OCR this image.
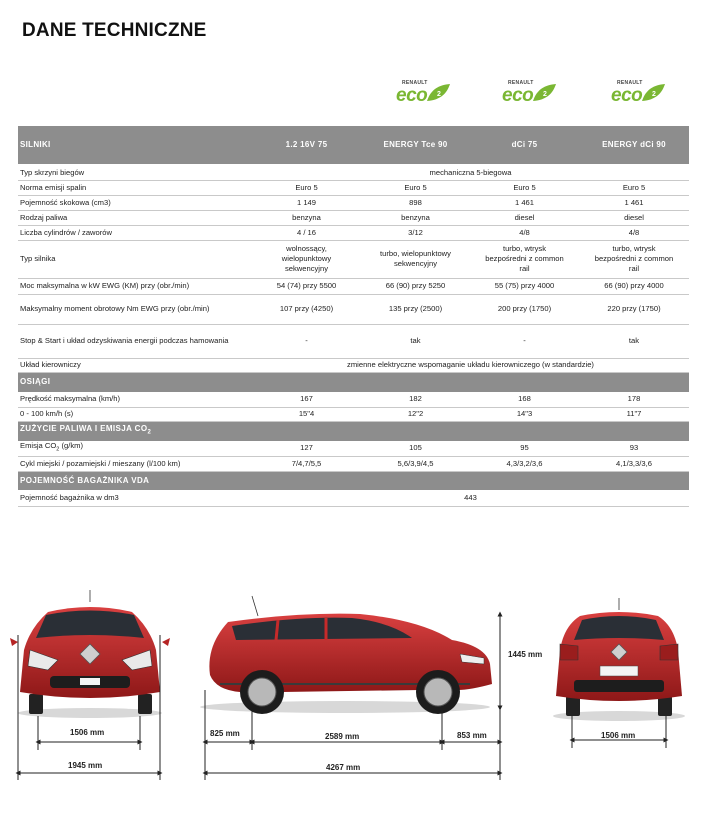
DANE TECHNICZNE
RENAULT
eco 2
RENAULT
eco 2
RENAULT
eco 2
SILNIKI	1.2 16V 75	ENERGY Tce 90	dCi 75	ENERGY dCi 90

Typ skrzyni biegów	mechaniczna 5-biegowa			
Norma emisji spalin	Euro 5	Euro 5	Euro 5	Euro 5
Pojemność skokowa (cm3)	1 149	898	1 461	1 461
Rodzaj paliwa	benzyna	benzyna	diesel	diesel
Liczba cylindrów / zaworów	4 / 16	3/12	4/8	4/8
Typ silnika	wolnossący, wielopunktowy sekwencyjny	turbo, wielopunktowy sekwencyjny	turbo, wtrysk bezpośredni z common rail	turbo, wtrysk bezpośredni z common rail
Moc maksymalna w kW EWG (KM) przy (obr./min)	54 (74) przy 5500	66 (90) przy 5250	55 (75) przy 4000	66 (90) przy 4000
Maksymalny moment obrotowy Nm EWG przy (obr./min)	107 przy (4250)	135 przy (2500)	200 przy (1750)	220 przy (1750)
Stop & Start i układ odzyskiwania energii podczas hamowania	-	tak	-	tak
Układ kierowniczy	zmienne elektryczne wspomaganie układu kierowniczego (w standardzie)			
OSIĄGI				
Prędkość maksymalna (km/h)	167	182	168	178
0 - 100 km/h (s)	15"4	12"2	14"3	11"7
ZUŻYCIE PALIWA I EMISJA $CO_2$
Emisja $CO_2$ (g/km)	127	105	95	93
Cykl miejski / pozamiejski / mieszany (l/100 km)	7/4,7/5,5	5,6/3,9/4,5	4,3/3,2/3,6	4,1/3,3/3,6
POJEMNOŚĆ BAGAŻNIKA VDA				
Pojemność bagażnika w dm3	443			
1506 mm
1945 mm
825 mm	2589 mm	853 mm
4267 mm
1445 mm
1506 mm
